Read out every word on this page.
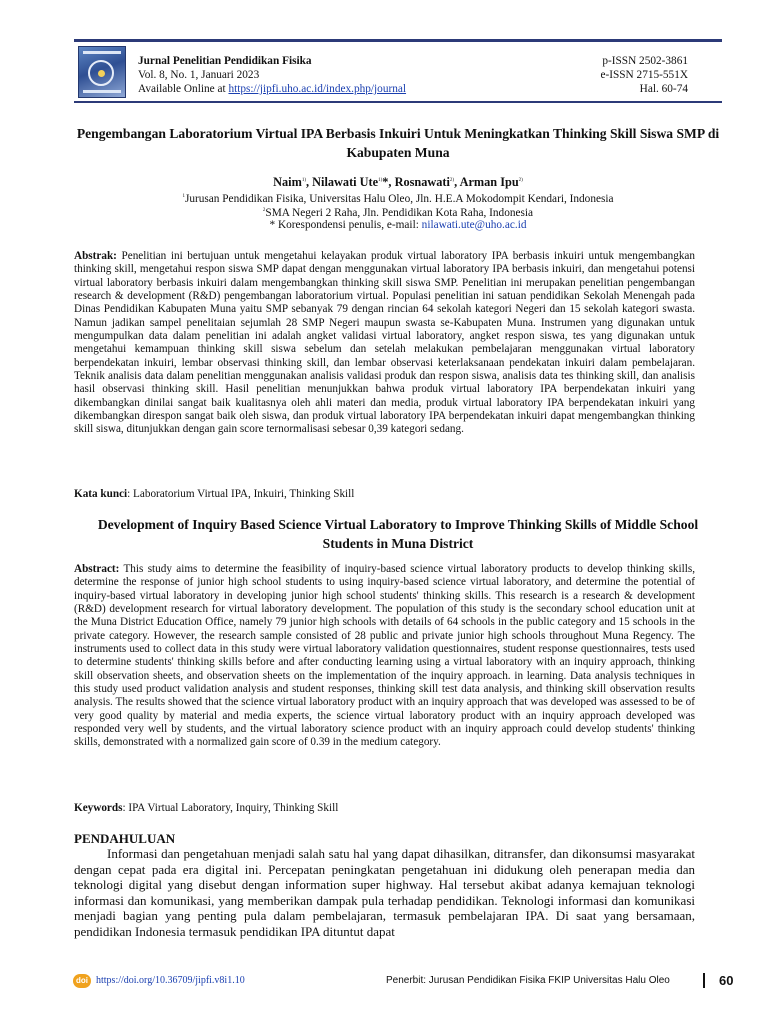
Jurnal Penelitian Pendidikan Fisika
Vol. 8, No. 1, Januari 2023
Available Online at https://jipfi.uho.ac.id/index.php/journal
p-ISSN 2502-3861
e-ISSN 2715-551X
Hal. 60-74
Pengembangan Laboratorium Virtual IPA Berbasis Inkuiri Untuk Meningkatkan Thinking Skill Siswa SMP di Kabupaten Muna
Naim$^{1)}$, Nilawati Ute$^{1)}$*, Rosnawati$^{2)}$, Arman Ipu$^{2)}$
$^1$Jurusan Pendidikan Fisika, Universitas Halu Oleo, Jln. H.E.A Mokodompit Kendari, Indonesia
$^2$SMA Negeri 2 Raha, Jln. Pendidikan Kota Raha, Indonesia
* Korespondensi penulis, e-mail: nilawati.ute@uho.ac.id
Abstrak: Penelitian ini bertujuan untuk mengetahui kelayakan produk virtual laboratory IPA berbasis inkuiri untuk mengembangkan thinking skill, mengetahui respon siswa SMP dapat dengan menggunakan virtual laboratory IPA berbasis inkuiri, dan mengetahui potensi virtual laboratory berbasis inkuiri dalam mengembangkan thinking skill siswa SMP. Penelitian ini merupakan penelitian pengembangan research & development (R&D) pengembangan laboratorium virtual. Populasi penelitian ini satuan pendidikan Sekolah Menengah pada Dinas Pendidikan Kabupaten Muna yaitu SMP sebanyak 79 dengan rincian 64 sekolah kategori Negeri dan 15 sekolah kategori swasta. Namun jadikan sampel penelitaian sejumlah 28 SMP Negeri maupun swasta se-Kabupaten Muna. Instrumen yang digunakan untuk mengumpulkan data dalam penelitian ini adalah angket validasi virtual laboratory, angket respon siswa, tes yang digunakan untuk mengetahui kemampuan thinking skill siswa sebelum dan setelah melakukan pembelajaran menggunakan virtual laboratory berpendekatan inkuiri, lembar observasi thinking skill, dan lembar observasi keterlaksanaan pendekatan inkuiri dalam pembelajaran. Teknik analisis data dalam penelitian menggunakan analisis validasi produk dan respon siswa, analisis data tes thinking skill, dan analisis hasil observasi thinking skill. Hasil penelitian menunjukkan bahwa produk virtual laboratory IPA berpendekatan inkuiri yang dikembangkan dinilai sangat baik kualitasnya oleh ahli materi dan media, produk virtual laboratory IPA berpendekatan inkuiri yang dikembangkan direspon sangat baik oleh siswa, dan produk virtual laboratory IPA berpendekatan inkuiri dapat mengembangkan thinking skill siswa, ditunjukkan dengan gain score ternormalisasi sebesar 0,39 kategori sedang.
Kata kunci: Laboratorium Virtual IPA, Inkuiri, Thinking Skill
Development of Inquiry Based Science Virtual Laboratory to Improve Thinking Skills of Middle School Students in Muna District
Abstract: This study aims to determine the feasibility of inquiry-based science virtual laboratory products to develop thinking skills, determine the response of junior high school students to using inquiry-based science virtual laboratory, and determine the potential of inquiry-based virtual laboratory in developing junior high school students' thinking skills. This research is a research & development (R&D) development research for virtual laboratory development. The population of this study is the secondary school education unit at the Muna District Education Office, namely 79 junior high schools with details of 64 schools in the public category and 15 schools in the private category. However, the research sample consisted of 28 public and private junior high schools throughout Muna Regency. The instruments used to collect data in this study were virtual laboratory validation questionnaires, student response questionnaires, tests used to determine students' thinking skills before and after conducting learning using a virtual laboratory with an inquiry approach, thinking skill observation sheets, and observation sheets on the implementation of the inquiry approach. in learning. Data analysis techniques in this study used product validation analysis and student responses, thinking skill test data analysis, and thinking skill observation results analysis. The results showed that the science virtual laboratory product with an inquiry approach that was developed was assessed to be of very good quality by material and media experts, the science virtual laboratory product with an inquiry approach developed was responded very well by students, and the virtual laboratory science product with an inquiry approach could develop students' thinking skills, demonstrated with a normalized gain score of 0.39 in the medium category.
Keywords: IPA Virtual Laboratory, Inquiry, Thinking Skill
PENDAHULUAN
Informasi dan pengetahuan menjadi salah satu hal yang dapat dihasilkan, ditransfer, dan dikonsumsi masyarakat dengan cepat pada era digital ini. Percepatan peningkatan pengetahuan ini didukung oleh penerapan media dan teknologi digital yang disebut dengan information super highway. Hal tersebut akibat adanya kemajuan teknologi informasi dan komunikasi, yang memberikan dampak pula terhadap pendidikan. Teknologi informasi dan komunikasi menjadi bagian yang penting pula dalam pembelajaran, termasuk pembelajaran IPA. Di saat yang bersamaan, pendidikan Indonesia termasuk pendidikan IPA dituntut dapat
doi https://doi.org/10.36709/jipfi.v8i1.10	Penerbit: Jurusan Pendidikan Fisika FKIP Universitas Halu Oleo	60
